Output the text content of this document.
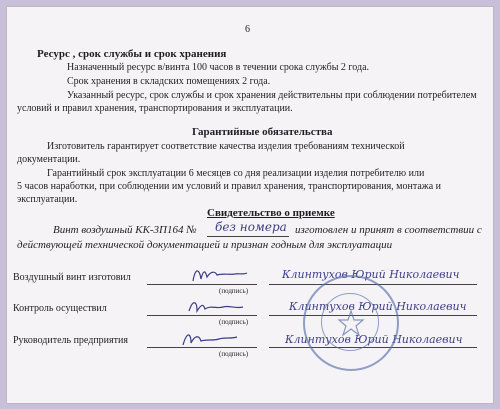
6
Ресурс , срок службы и срок хранения
Назначенный ресурс в/винта 100 часов в течении срока службы 2 года.
Срок хранения в складских помещениях 2 года.
Указанный ресурс, срок службы и срок хранения действительны при соблюдении потребителем
условий и правил хранения, транспортирования и эксплуатации.
Гарантийные обязательства
Изготовитель гарантирует соответствие качества изделия требованиям технической
документации.
Гарантийный срок эксплуатации 6 месяцев со дня реализации изделия потребителю или
5 часов наработки, при соблюдении им условий и правил хранения, транспортирования, монтажа и
эксплуатации.
Свидетельство о приемке
Винт воздушный КК-3П164 № без номера изготовлен и принят в соответствии с
действующей технической документацией и признан годным для эксплуатации
Воздушный винт изготовил
(подпись)
Клинтухов Юрий Николаевич
Контроль осуществил
(подпись)
Клинтухов Юрий Николаевич
Руководитель предприятия
(подпись)
Клинтухов Юрий Николаевич
